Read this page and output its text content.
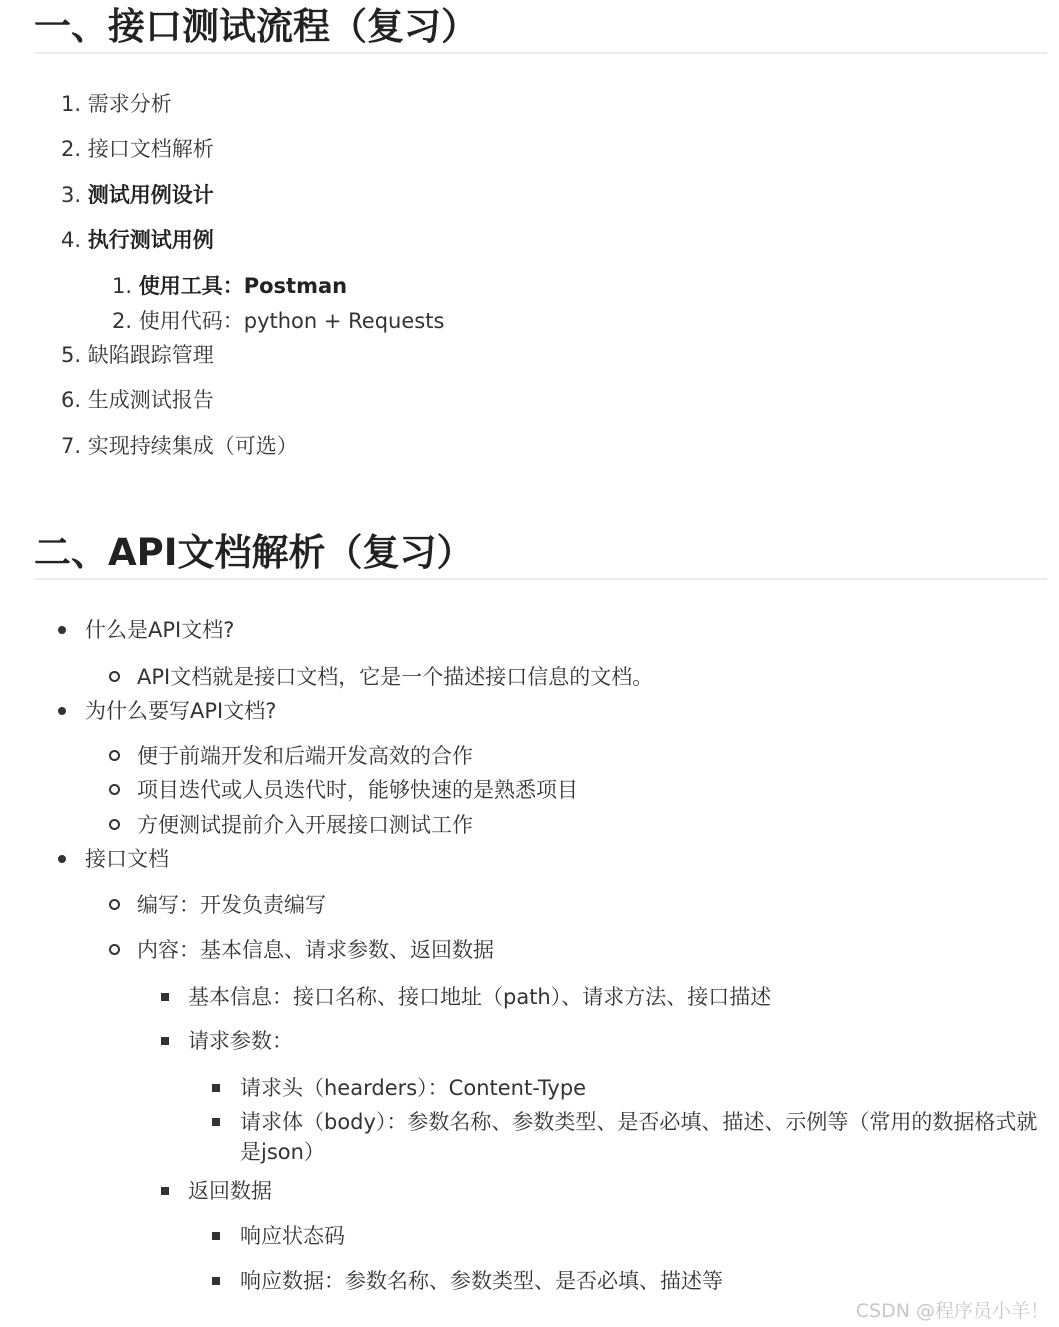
一、接口测试流程（复习）
1. 需求分析
2. 接口文档解析
3. 测试用例设计
4. 执行测试用例
1. 使用工具：Postman
2. 使用代码：python + Requests
5. 缺陷跟踪管理
6. 生成测试报告
7. 实现持续集成（可选）
二、API文档解析（复习）
什么是API文档?
API文档就是接口文档，它是一个描述接口信息的文档。
为什么要写API文档?
便于前端开发和后端开发高效的合作
项目迭代或人员迭代时，能够快速的是熟悉项目
方便测试提前介入开展接口测试工作
接口文档
编写：开发负责编写
内容：基本信息、请求参数、返回数据
基本信息：接口名称、接口地址（path）、请求方法、接口描述
请求参数：
请求头（hearders）：Content-Type
请求体（body）：参数名称、参数类型、是否必填、描述、示例等（常用的数据格式就是json）
返回数据
响应状态码
响应数据：参数名称、参数类型、是否必填、描述等
CSDN @程序员小羊！
